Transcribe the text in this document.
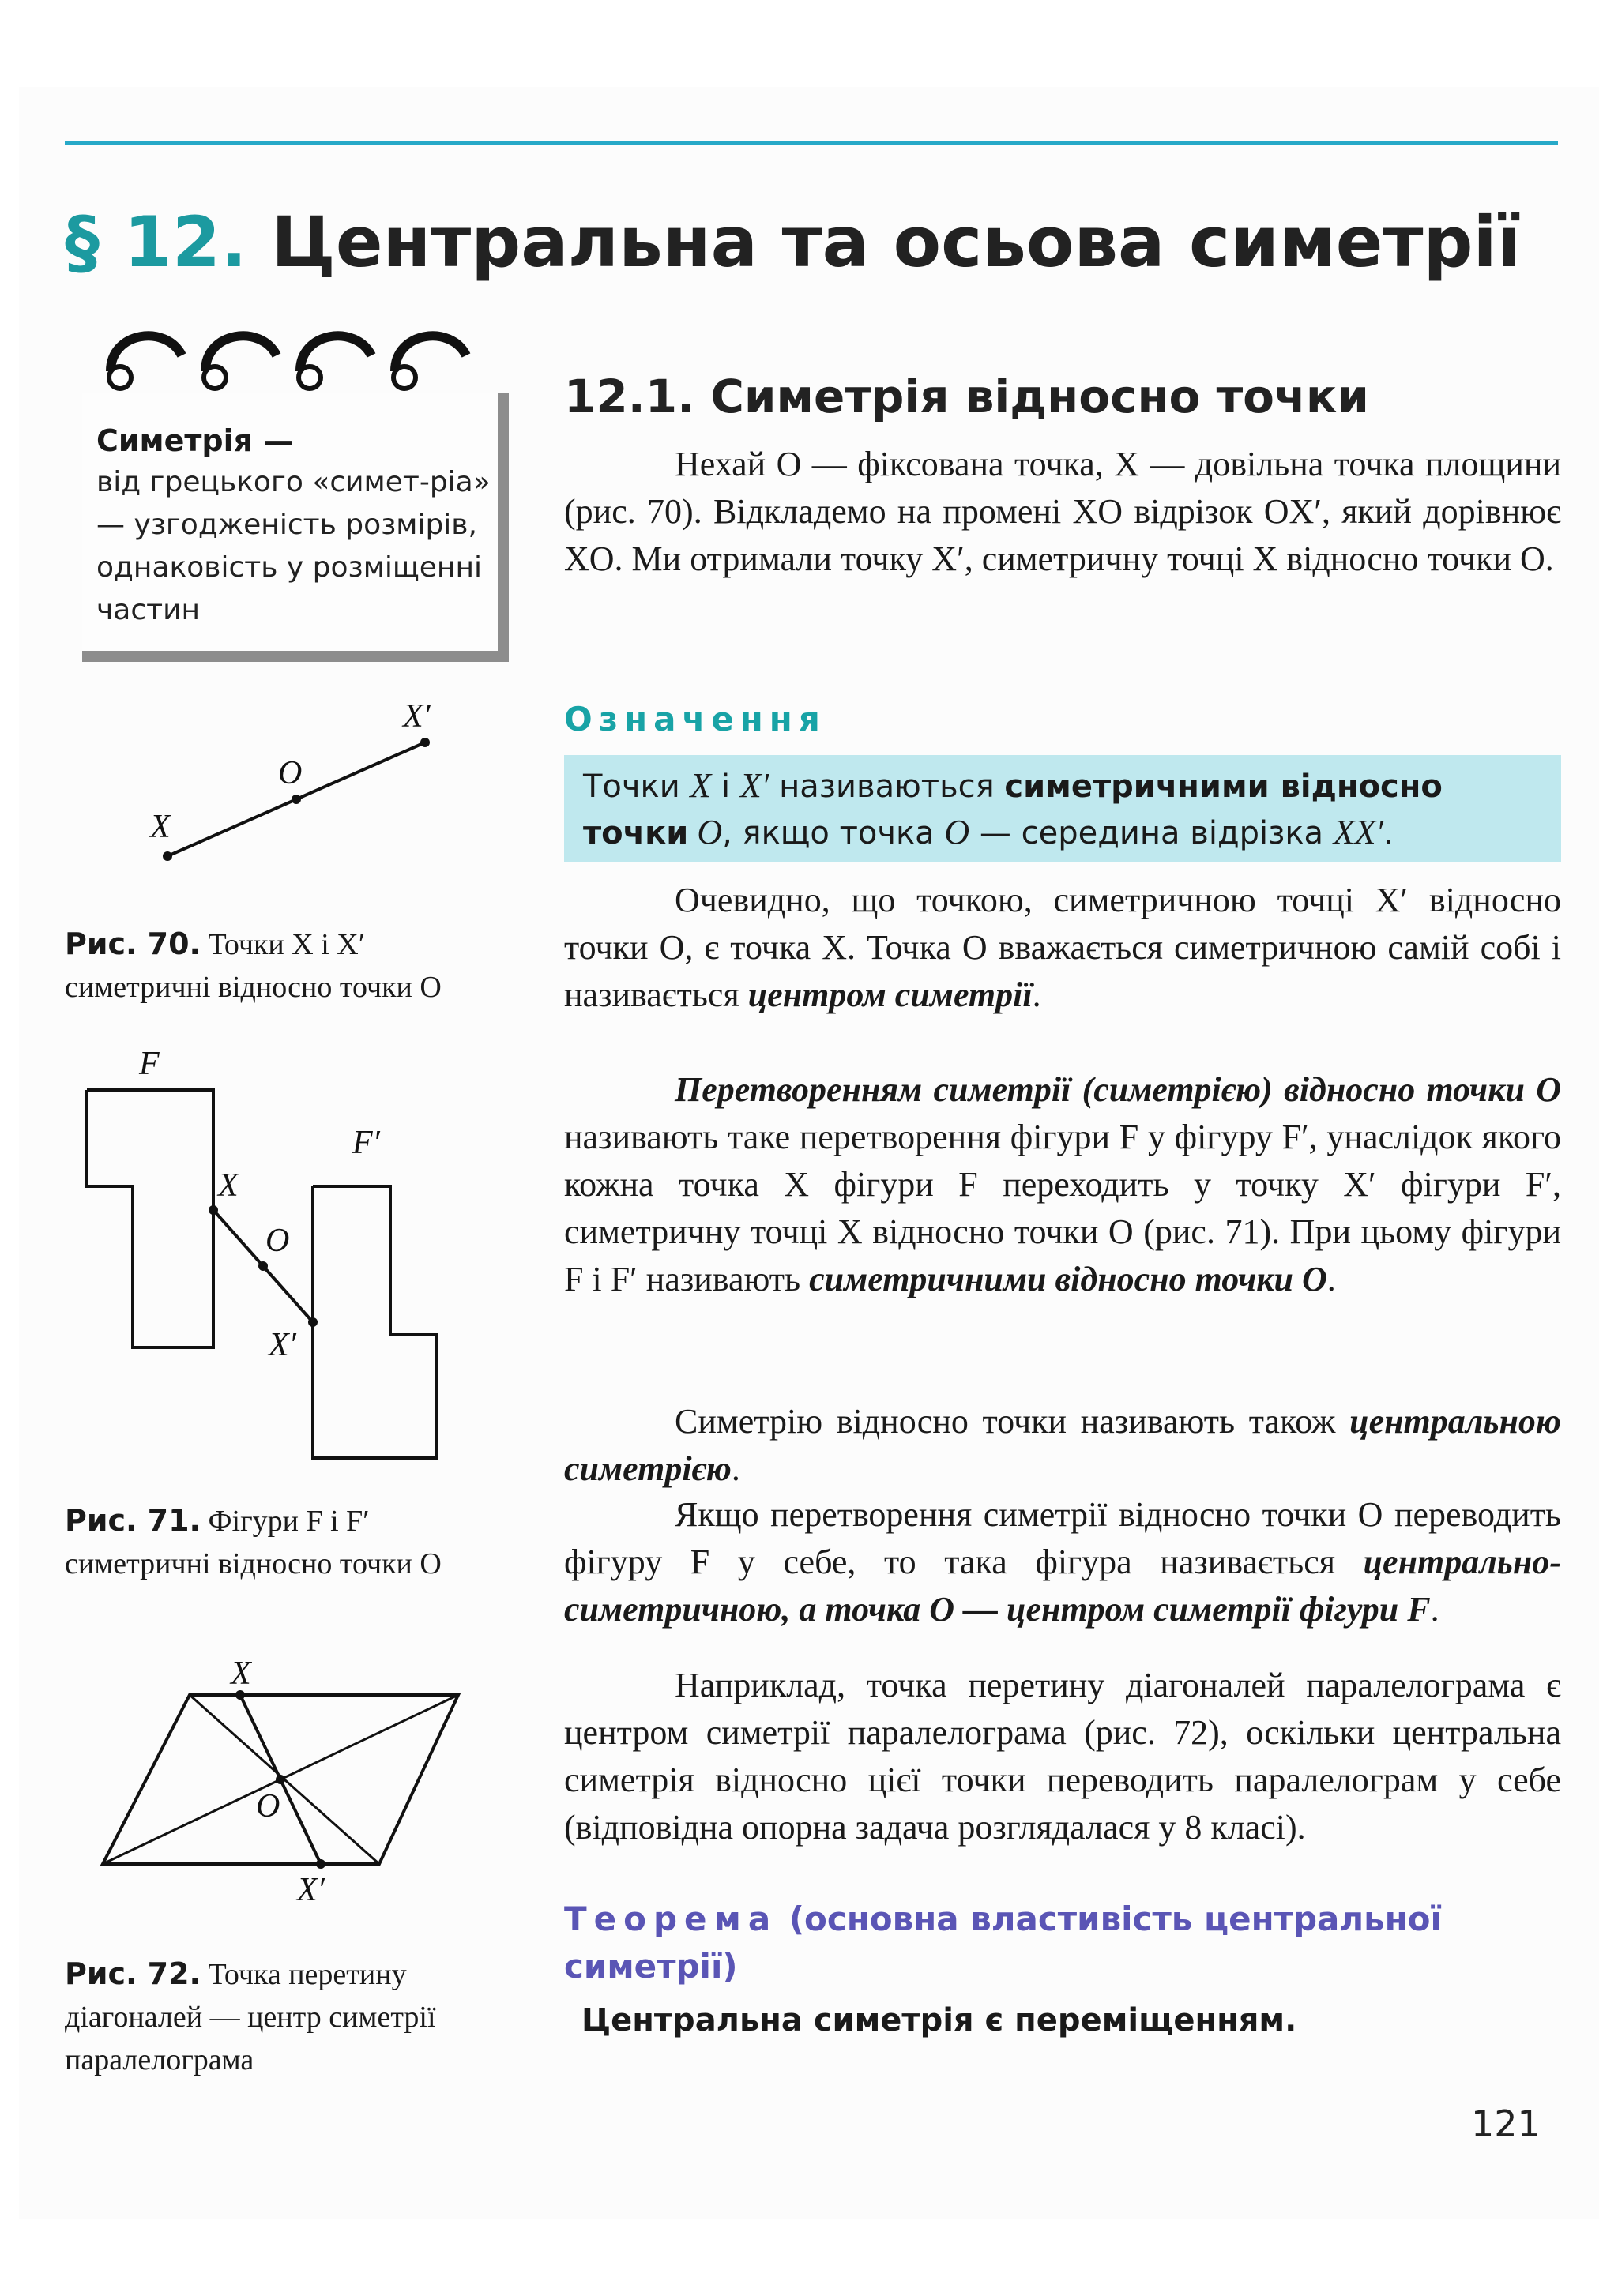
§ 12. Центральна та осьова симетрії
Симетрія —
від грецького «симет-ріа» — узгодженість розмірів, однаковість у розміщенні частин
X
O
X′
Рис. 70. Точки X і X′ симетричні відносно точки O
F
F′
X
O
X′
Рис. 71. Фігури F і F′ симетричні відносно точки O
X
O
X′
Рис. 72. Точка перетину діагоналей — центр симетрії паралелограма
12.1. Симетрія відносно точки

Нехай O — фіксована точка, X — довільна точка площини (рис. 70). Відкладемо на промені XO відрізок OX′, який дорівнює XO. Ми отримали точку X′, симетричну точці X відносно точки O.

Означення
Точки X і X′ називаються симетричними відносно точки O, якщо точка O — середина відрізка XX′.

Очевидно, що точкою, симетричною точці X′ відносно точки O, є точка X. Точка O вважається симетричною самій собі і називається центром симетрії.

Перетворенням симетрії (симетрією) відносно точки O називають таке перетворення фігури F у фігуру F′, унаслідок якого кожна точка X фігури F переходить у точку X′ фігури F′, симетричну точці X відносно точки O (рис. 71). При цьому фігури F і F′ називають симетричними відносно точки O.

Симетрію відносно точки називають також центральною симетрією.

Якщо перетворення симетрії відносно точки O переводить фігуру F у себе, то така фігура називається центрально-симетричною, а точка O — центром симетрії фігури F.

Наприклад, точка перетину діагоналей паралелограма є центром симетрії паралелограма (рис. 72), оскільки центральна симетрія відносно цієї точки переводить паралелограм у себе (відповідна опорна задача розглядалася у 8 класі).

Теорема (основна властивість центральної симетрії)
Центральна симетрія є переміщенням.
121
